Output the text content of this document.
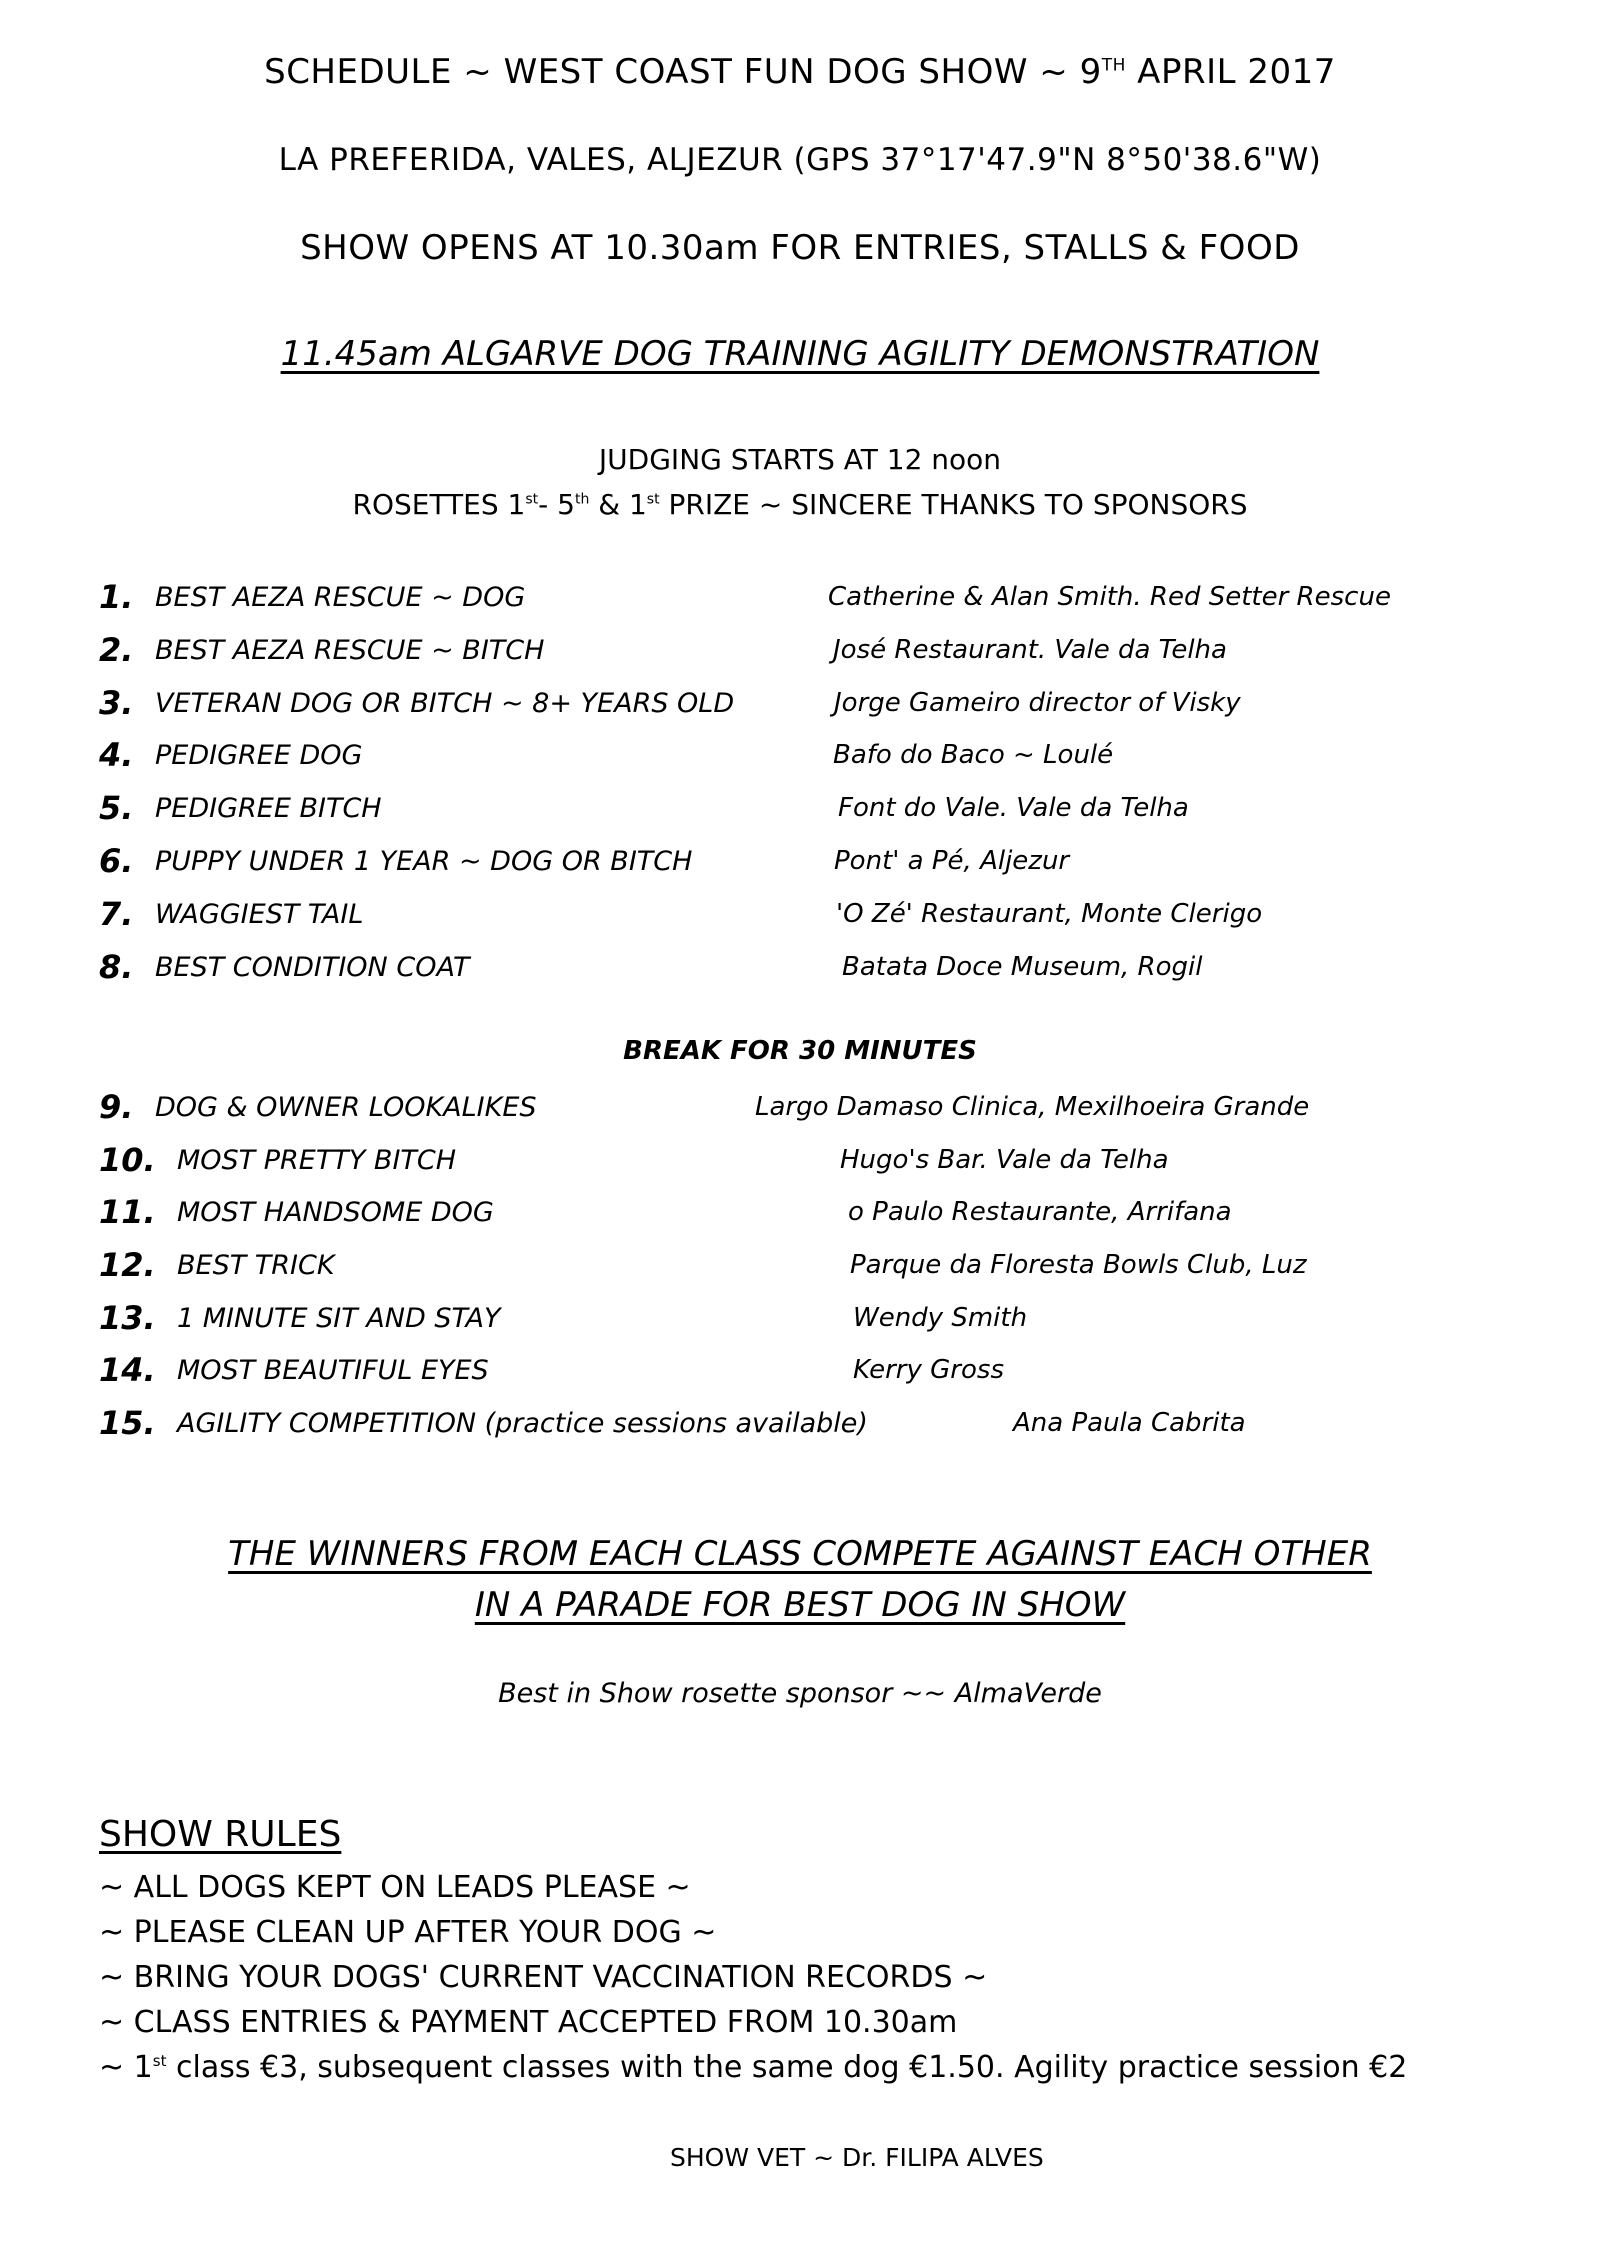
SCHEDULE ~ WEST COAST FUN DOG SHOW ~ 9TH APRIL 2017
LA PREFERIDA, VALES, ALJEZUR (GPS 37°17'47.9"N 8°50'38.6"W)
SHOW OPENS AT 10.30am FOR ENTRIES, STALLS & FOOD
11.45am ALGARVE DOG TRAINING AGILITY DEMONSTRATION
JUDGING STARTS AT 12 noon
ROSETTES 1st- 5th & 1st PRIZE ~ SINCERE THANKS TO SPONSORS
1. BEST AEZA RESCUE ~ DOG	Catherine & Alan Smith. Red Setter Rescue
2. BEST AEZA RESCUE ~ BITCH	José Restaurant. Vale da Telha
3. VETERAN DOG OR BITCH ~ 8+ YEARS OLD	Jorge Gameiro director of Visky
4. PEDIGREE DOG	Bafo do Baco ~ Loulé
5. PEDIGREE BITCH	Font do Vale. Vale da Telha
6. PUPPY UNDER 1 YEAR ~ DOG OR BITCH	Pont' a Pé, Aljezur
7. WAGGIEST TAIL	'O Zé' Restaurant, Monte Clerigo
8. BEST CONDITION COAT	Batata Doce Museum, Rogil
BREAK FOR 30 MINUTES
9. DOG & OWNER LOOKALIKES	Largo Damaso Clinica, Mexilhoeira Grande
10. MOST PRETTY BITCH	Hugo's Bar. Vale da Telha
11. MOST HANDSOME DOG	o Paulo Restaurante, Arrifana
12. BEST TRICK	Parque da Floresta Bowls Club, Luz
13. 1 MINUTE SIT AND STAY	Wendy Smith
14. MOST BEAUTIFUL EYES	Kerry Gross
15. AGILITY COMPETITION (practice sessions available)	Ana Paula Cabrita
THE WINNERS FROM EACH CLASS COMPETE AGAINST EACH OTHER
IN A PARADE FOR BEST DOG IN SHOW
Best in Show rosette sponsor ~~ AlmaVerde
SHOW RULES
~ ALL DOGS KEPT ON LEADS PLEASE ~
~ PLEASE CLEAN UP AFTER YOUR DOG ~
~ BRING YOUR DOGS' CURRENT VACCINATION RECORDS ~
~ CLASS ENTRIES & PAYMENT ACCEPTED FROM 10.30am
~ 1st class €3, subsequent classes with the same dog €1.50. Agility practice session €2
SHOW VET ~ Dr. FILIPA ALVES
